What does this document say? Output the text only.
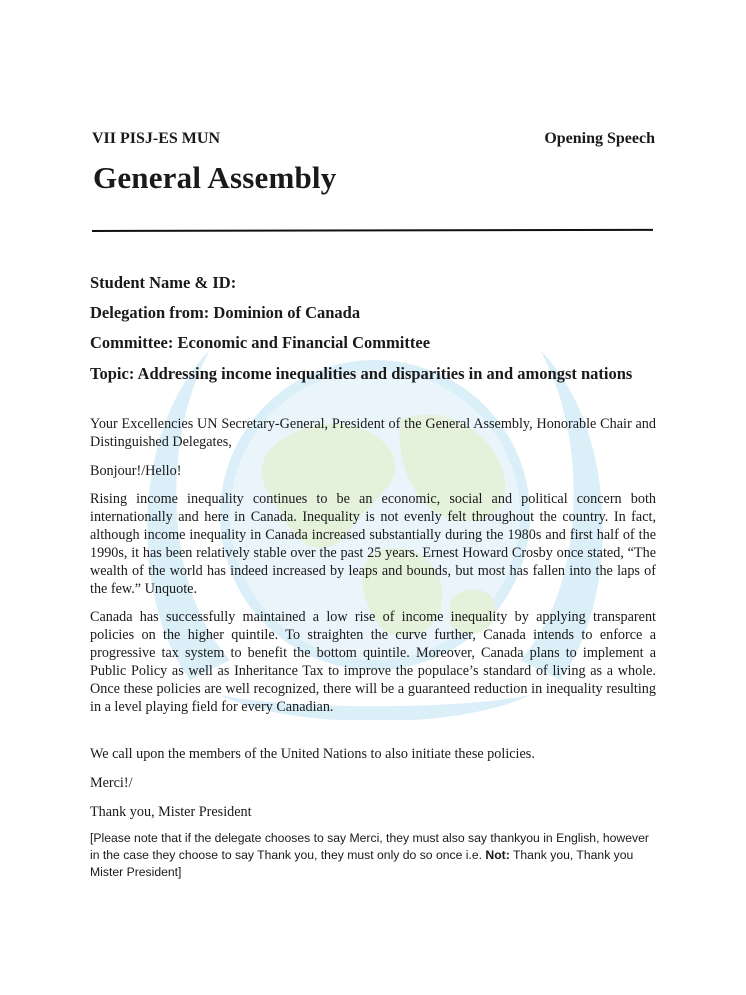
VII PISJ-ES MUN	Opening Speech
General Assembly
Student Name & ID:
Delegation from: Dominion of Canada
Committee: Economic and Financial Committee
Topic: Addressing income inequalities and disparities in and amongst nations
Your Excellencies UN Secretary-General, President of the General Assembly, Honorable Chair and Distinguished Delegates,
Bonjour!/Hello!
Rising income inequality continues to be an economic, social and political concern both internationally and here in Canada. Inequality is not evenly felt throughout the country. In fact, although income inequality in Canada increased substantially during the 1980s and first half of the 1990s, it has been relatively stable over the past 25 years. Ernest Howard Crosby once stated, “The wealth of the world has indeed increased by leaps and bounds, but most has fallen into the laps of the few.” Unquote.
Canada has successfully maintained a low rise of income inequality by applying transparent policies on the higher quintile. To straighten the curve further, Canada intends to enforce a progressive tax system to benefit the bottom quintile. Moreover, Canada plans to implement a Public Policy as well as Inheritance Tax to improve the populace’s standard of living as a whole. Once these policies are well recognized, there will be a guaranteed reduction in inequality resulting in a level playing field for every Canadian.
We call upon the members of the United Nations to also initiate these policies.
Merci!/
Thank you, Mister President
[Please note that if the delegate chooses to say Merci, they must also say thankyou in English, however in the case they choose to say Thank you, they must only do so once i.e. Not: Thank you, Thank you Mister President]
